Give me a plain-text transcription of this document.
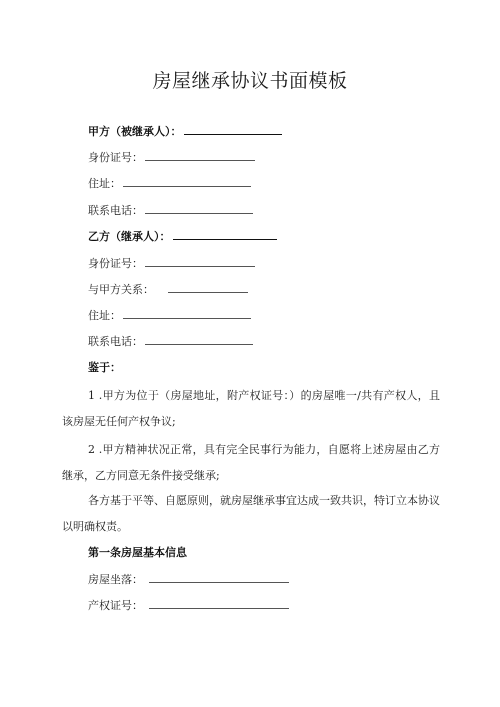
房屋继承协议书面模板
甲方（被继承人）：
身份证号：
住址：
联系电话：
乙方（继承人）：
身份证号：
与甲方关系：
住址：
联系电话：
鉴于：
1 .甲方为位于（房屋地址，附产权证号：）的房屋唯一/共有产权人，且该房屋无任何产权争议;
2 .甲方精神状况正常，具有完全民事行为能力，自愿将上述房屋由乙方继承，乙方同意无条件接受继承;
各方基于平等、自愿原则，就房屋继承事宜达成一致共识，特订立本协议以明确权责。
第一条房屋基本信息
房屋坐落：
产权证号：
